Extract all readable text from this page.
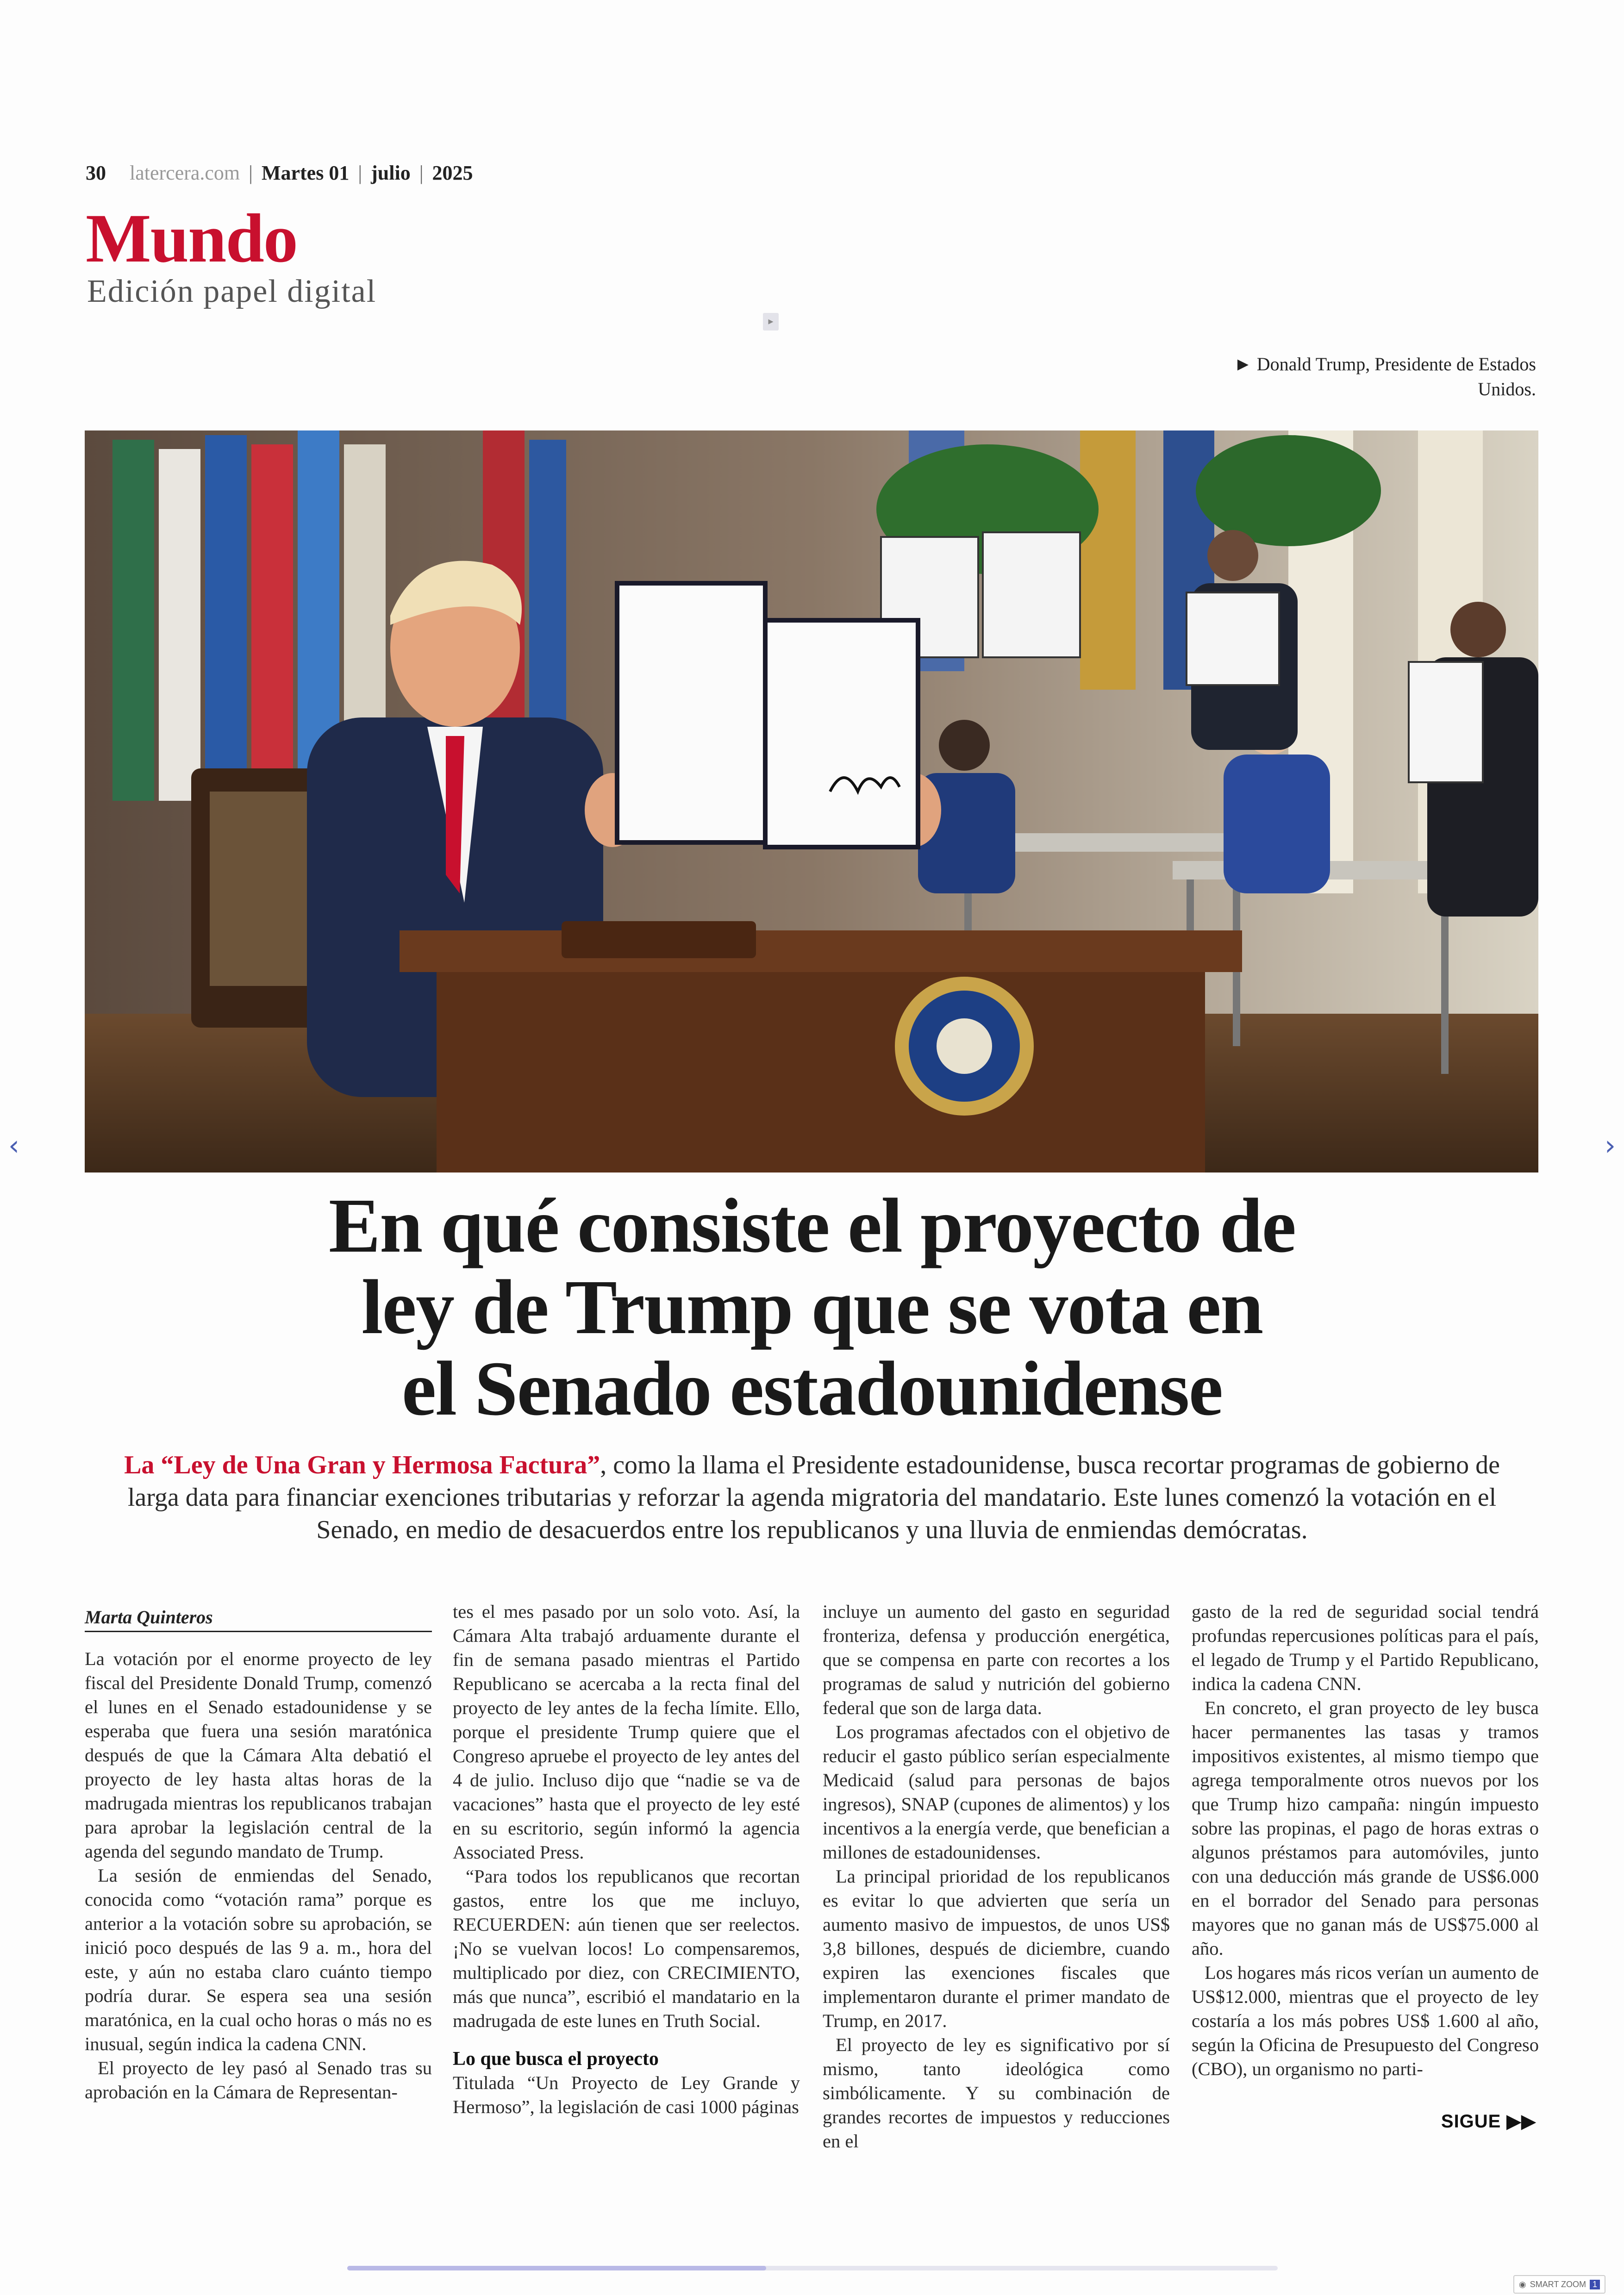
30 latercera.com | Martes 01 | julio | 2025
Mundo
Edición papel digital
▸
► Donald Trump, Presidente de Estados
Unidos.
‹	›
En qué consiste el proyecto de
ley de Trump que se vota en
el Senado estadounidense
La “Ley de Una Gran y Hermosa Factura”, como la llama el Presidente estadounidense, busca recortar programas de gobierno de larga data para financiar exenciones tributarias y reforzar la agenda migratoria del mandatario. Este lunes comenzó la votación en el Senado, en medio de desacuerdos entre los republicanos y una lluvia de enmiendas demócratas.
Marta Quinteros

La votación por el enorme proyecto de ley fiscal del Presidente Donald Trump, comenzó el lunes en el Senado estadounidense y se esperaba que fuera una sesión maratónica después de que la Cámara Alta debatió el proyecto de ley hasta altas horas de la madrugada mientras los republicanos trabajan para aprobar la legislación central de la agenda del segundo mandato de Trump.

La sesión de enmiendas del Senado, conocida como “votación rama” porque es anterior a la votación sobre su aprobación, se inició poco después de las 9 a. m., hora del este, y aún no estaba claro cuánto tiempo podría durar. Se espera sea una sesión maratónica, en la cual ocho horas o más no es inusual, según indica la cadena CNN.

El proyecto de ley pasó al Senado tras su aprobación en la Cámara de Representan-

tes el mes pasado por un solo voto. Así, la Cámara Alta trabajó arduamente durante el fin de semana pasado mientras el Partido Republicano se acercaba a la recta final del proyecto de ley antes de la fecha límite. Ello, porque el presidente Trump quiere que el Congreso apruebe el proyecto de ley antes del 4 de julio. Incluso dijo que “nadie se va de vacaciones” hasta que el proyecto de ley esté en su escritorio, según informó la agencia Associated Press.

“Para todos los republicanos que recortan gastos, entre los que me incluyo, RECUERDEN: aún tienen que ser reelectos. ¡No se vuelvan locos! Lo compensaremos, multiplicado por diez, con CRECIMIENTO, más que nunca”, escribió el mandatario en la madrugada de este lunes en Truth Social.

Lo que busca el proyecto

Titulada “Un Proyecto de Ley Grande y Hermoso”, la legislación de casi 1000 páginas

incluye un aumento del gasto en seguridad fronteriza, defensa y producción energética, que se compensa en parte con recortes a los programas de salud y nutrición del gobierno federal que son de larga data.

Los programas afectados con el objetivo de reducir el gasto público serían especialmente Medicaid (salud para personas de bajos ingresos), SNAP (cupones de alimentos) y los incentivos a la energía verde, que benefician a millones de estadounidenses.

La principal prioridad de los republicanos es evitar lo que advierten que sería un aumento masivo de impuestos, de unos US$ 3,8 billones, después de diciembre, cuando expiren las exenciones fiscales que implementaron durante el primer mandato de Trump, en 2017.

El proyecto de ley es significativo por sí mismo, tanto ideológica como simbólicamente. Y su combinación de grandes recortes de impuestos y reducciones en el

gasto de la red de seguridad social tendrá profundas repercusiones políticas para el país, el legado de Trump y el Partido Republicano, indica la cadena CNN.

En concreto, el gran proyecto de ley busca hacer permanentes las tasas y tramos impositivos existentes, al mismo tiempo que agrega temporalmente otros nuevos por los que Trump hizo campaña: ningún impuesto sobre las propinas, el pago de horas extras o algunos préstamos para automóviles, junto con una deducción más grande de US$6.000 en el borrador del Senado para personas mayores que no ganan más de US$75.000 al año.

Los hogares más ricos verían un aumento de US$12.000, mientras que el proyecto de ley costaría a los más pobres US$ 1.600 al año, según la Oficina de Presupuesto del Congreso (CBO), un organismo no parti-

SIGUE ▶▶
◉ SMART ZOOM 1
